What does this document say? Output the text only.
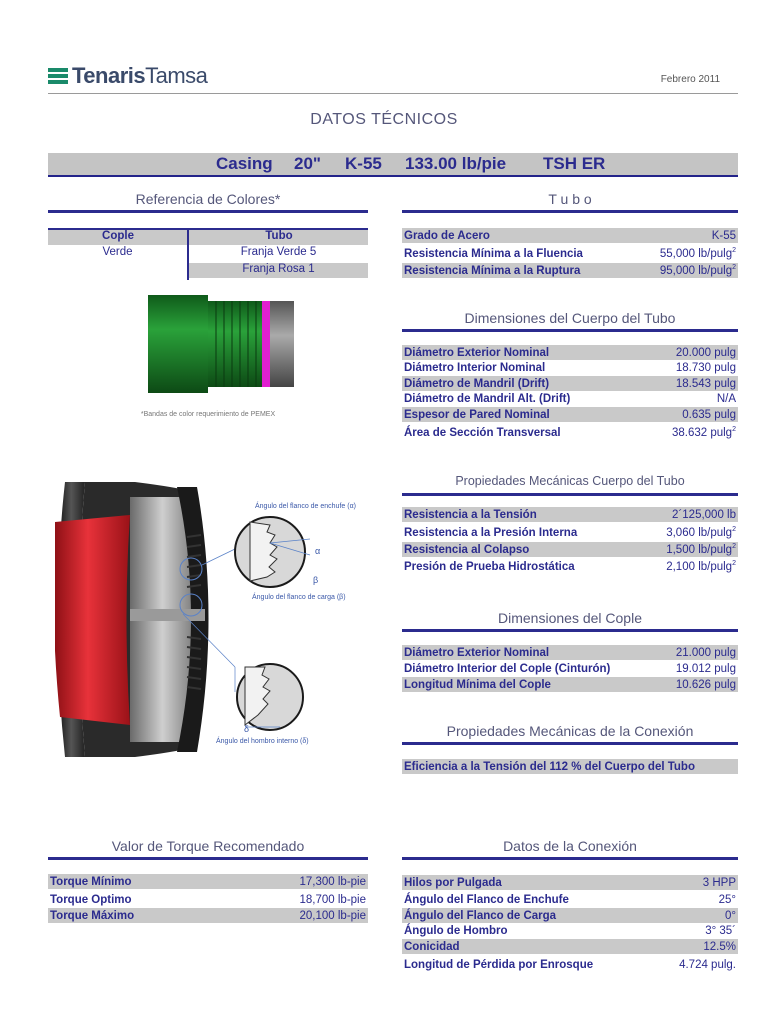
TenarisTamsa	Febrero 2011
DATOS TÉCNICOS
Casing 20" K-55 133.00 lb/pie TSH ER
Referencia de Colores*
Cople	Tubo
Verde	Franja Verde 5
Franja Rosa 1
*Bandas de color requerimiento de PEMEX
T u b o
Dimensiones del Cuerpo del Tubo
Propiedades Mecánicas Cuerpo del Tubo
Dimensiones del Cople
Propiedades Mecánicas de la Conexión
Eficiencia a la Tensión del 112 % del Cuerpo del Tubo
Ángulo del flanco de enchufe (α)
Ángulo del flanco de carga (β)
Ángulo del hombro interno (δ)
α
β
δ
Valor de Torque Recomendado	Datos de la Conexión
Grado de Acero	K-55
Resistencia Mínima a la Fluencia	55,000 lb/pulg$^2$
Resistencia Mínima a la Ruptura	95,000 lb/pulg$^2$
Diámetro Exterior Nominal	20.000 pulg
Diámetro Interior Nominal	18.730 pulg
Diámetro de Mandril (Drift)	18.543 pulg
Diámetro de Mandril Alt. (Drift)	N/A
Espesor de Pared Nominal	0.635 pulg
Área de Sección Transversal	38.632 pulg$^2$
Resistencia a la Tensión	2´125,000 lb
Resistencia a la Presión Interna	3,060 lb/pulg$^2$
Resistencia al Colapso	1,500 lb/pulg$^2$
Presión de Prueba Hidrostática	2,100 lb/pulg$^2$
Diámetro Exterior Nominal	21.000 pulg
Diámetro Interior del Cople (Cinturón)	19.012 pulg
Longitud Mínima del Cople	10.626 pulg
Torque Mínimo	17,300 lb-pie
Torque Optimo	18,700 lb-pie
Torque Máximo	20,100 lb-pie
Hilos por Pulgada	3 HPP
Ángulo del Flanco de Enchufe	25°
Ángulo del Flanco de Carga	0°
Ángulo de Hombro	3° 35´
Conicidad	12.5%
Longitud de Pérdida por Enrosque	4.724 pulg.
